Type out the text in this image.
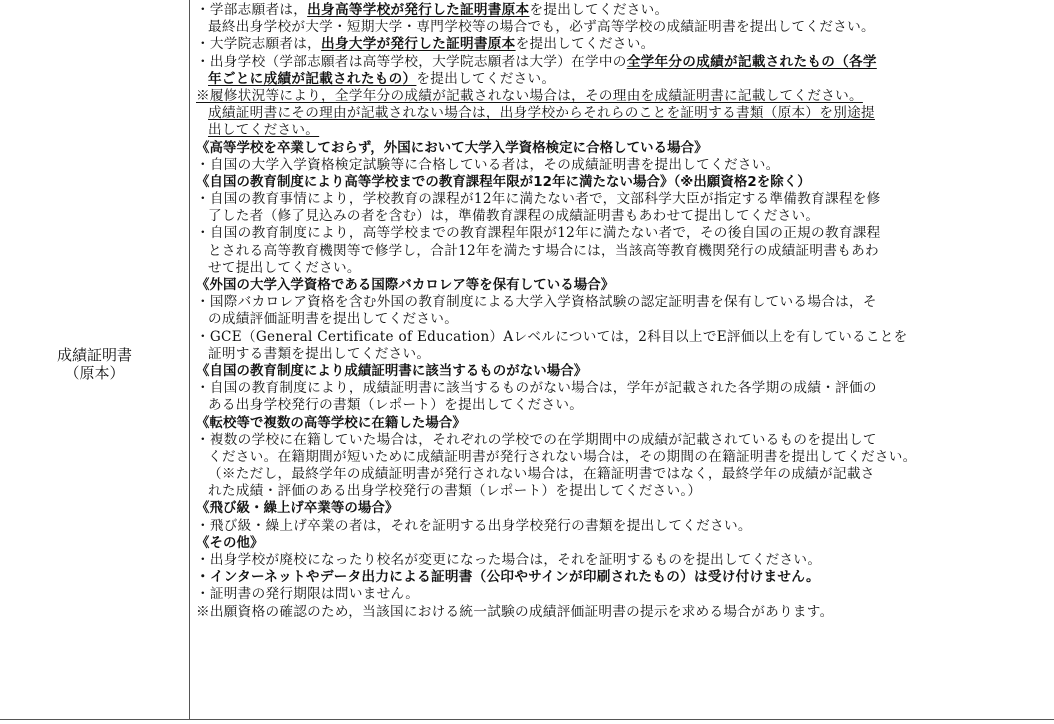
成績証明書
（原本）
・学部志願者は，出身高等学校が発行した証明書原本を提出してください。
最終出身学校が大学・短期大学・専門学校等の場合でも，必ず高等学校の成績証明書を提出してください。
・大学院志願者は，出身大学が発行した証明書原本を提出してください。
・出身学校（学部志願者は高等学校，大学院志願者は大学）在学中の全学年分の成績が記載されたもの（各学
年ごとに成績が記載されたもの）を提出してください。
※履修状況等により，全学年分の成績が記載されない場合は，その理由を成績証明書に記載してください。
成績証明書にその理由が記載されない場合は，出身学校からそれらのことを証明する書類（原本）を別途提
出してください。
《高等学校を卒業しておらず，外国において大学入学資格検定に合格している場合》
・自国の大学入学資格検定試験等に合格している者は，その成績証明書を提出してください。
《自国の教育制度により高等学校までの教育課程年限が12年に満たない場合》（※出願資格2を除く）
・自国の教育事情により，学校教育の課程が12年に満たない者で，文部科学大臣が指定する準備教育課程を修
了した者（修了見込みの者を含む）は，準備教育課程の成績証明書もあわせて提出してください。
・自国の教育制度により，高等学校までの教育課程年限が12年に満たない者で，その後自国の正規の教育課程
とされる高等教育機関等で修学し，合計12年を満たす場合には，当該高等教育機関発行の成績証明書もあわ
せて提出してください。
《外国の大学入学資格である国際バカロレア等を保有している場合》
・国際バカロレア資格を含む外国の教育制度による大学入学資格試験の認定証明書を保有している場合は，そ
の成績評価証明書を提出してください。
・GCE（General Certificate of Education）Aレベルについては，2科目以上でE評価以上を有していることを
証明する書類を提出してください。
《自国の教育制度により成績証明書に該当するものがない場合》
・自国の教育制度により，成績証明書に該当するものがない場合は，学年が記載された各学期の成績・評価の
ある出身学校発行の書類（レポート）を提出してください。
《転校等で複数の高等学校に在籍した場合》
・複数の学校に在籍していた場合は，それぞれの学校での在学期間中の成績が記載されているものを提出して
ください。在籍期間が短いために成績証明書が発行されない場合は，その期間の在籍証明書を提出してください。
（※ただし，最終学年の成績証明書が発行されない場合は，在籍証明書ではなく，最終学年の成績が記載さ
れた成績・評価のある出身学校発行の書類（レポート）を提出してください。）
《飛び級・繰上げ卒業等の場合》
・飛び級・繰上げ卒業の者は，それを証明する出身学校発行の書類を提出してください。
《その他》
・出身学校が廃校になったり校名が変更になった場合は，それを証明するものを提出してください。
・インターネットやデータ出力による証明書（公印やサインが印刷されたもの）は受け付けません。
・証明書の発行期限は問いません。
※出願資格の確認のため，当該国における統一試験の成績評価証明書の提示を求める場合があります。
